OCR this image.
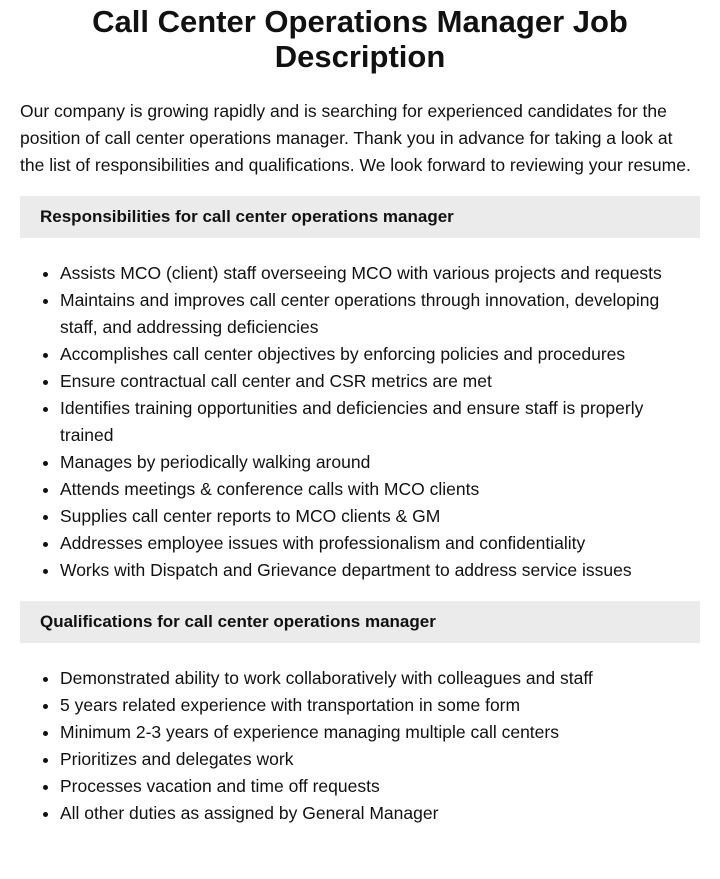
Call Center Operations Manager Job Description

Our company is growing rapidly and is searching for experienced candidates for the position of call center operations manager. Thank you in advance for taking a look at the list of responsibilities and qualifications. We look forward to reviewing your resume.

Responsibilities for call center operations manager
• Assists MCO (client) staff overseeing MCO with various projects and requests
• Maintains and improves call center operations through innovation, developing staff, and addressing deficiencies
• Accomplishes call center objectives by enforcing policies and procedures
• Ensure contractual call center and CSR metrics are met
• Identifies training opportunities and deficiencies and ensure staff is properly trained
• Manages by periodically walking around
• Attends meetings & conference calls with MCO clients
• Supplies call center reports to MCO clients & GM
• Addresses employee issues with professionalism and confidentiality
• Works with Dispatch and Grievance department to address service issues
Qualifications for call center operations manager
• Demonstrated ability to work collaboratively with colleagues and staff
• 5 years related experience with transportation in some form
• Minimum 2-3 years of experience managing multiple call centers
• Prioritizes and delegates work
• Processes vacation and time off requests
• All other duties as assigned by General Manager
